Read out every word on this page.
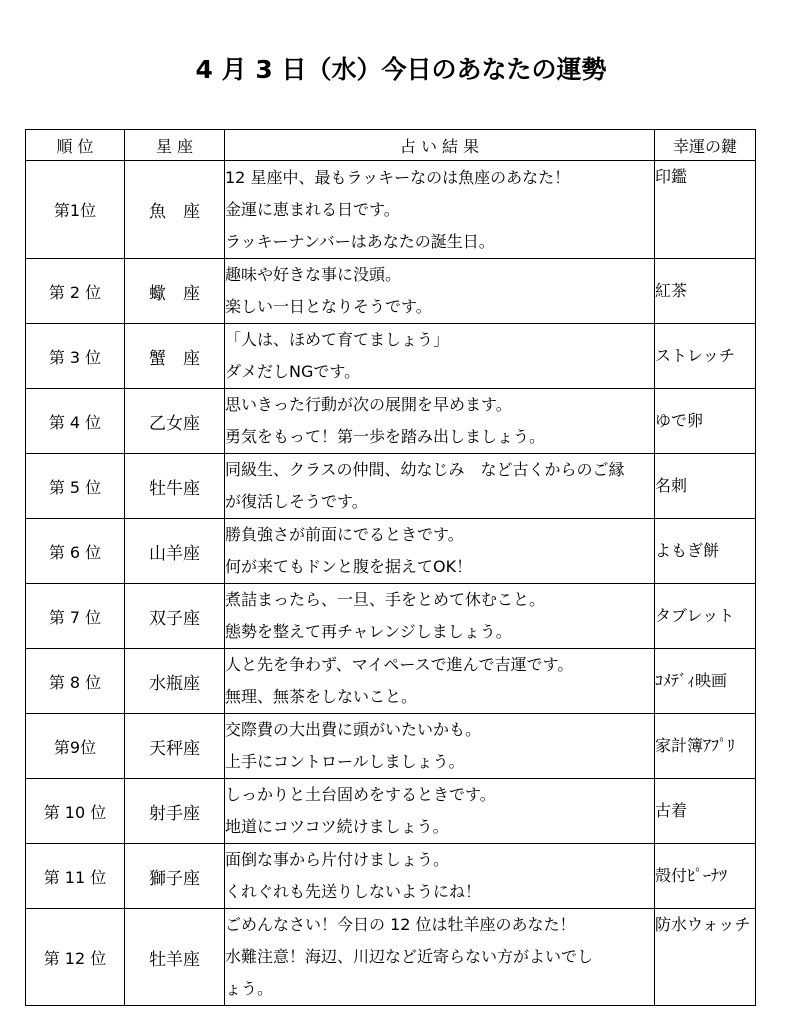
4 月 3 日（水）今日のあなたの運勢
順 位	星 座	占 い 結 果	幸運の鍵
第1位	魚　座	12 星座中、最もラッキーなのは魚座のあなた！
金運に恵まれる日です。
ラッキーナンバーはあなたの誕生日。	印鑑
第 2 位	蠍　座	趣味や好きな事に没頭。
楽しい一日となりそうです。	紅茶
第 3 位	蟹　座	「人は、ほめて育てましょう」
ダメだしNGです。	ストレッチ
第 4 位	乙女座	思いきった行動が次の展開を早めます。
勇気をもって！第一歩を踏み出しましょう。	ゆで卵
第 5 位	牡牛座	同級生、クラスの仲間、幼なじみ　など古くからのご縁
が復活しそうです。	名刺
第 6 位	山羊座	勝負強さが前面にでるときです。
何が来てもドンと腹を据えてOK！	よもぎ餅
第 7 位	双子座	煮詰まったら、一旦、手をとめて休むこと。
態勢を整えて再チャレンジしましょう。	タブレット
第 8 位	水瓶座	人と先を争わず、マイペースで進んで吉運です。
無理、無茶をしないこと。	ｺﾒﾃﾞｨ映画
第9位	天秤座	交際費の大出費に頭がいたいかも。
上手にコントロールしましょう。	家計簿ｱﾌﾟﾘ
第 10 位	射手座	しっかりと土台固めをするときです。
地道にコツコツ続けましょう。	古着
第 11 位	獅子座	面倒な事から片付けましょう。
くれぐれも先送りしないようにね！	殻付ﾋﾟｰﾅﾂ
第 12 位	牡羊座	ごめんなさい！今日の 12 位は牡羊座のあなた！
水難注意！海辺、川辺など近寄らない方がよいでし
ょう。	防水ウォッチ
